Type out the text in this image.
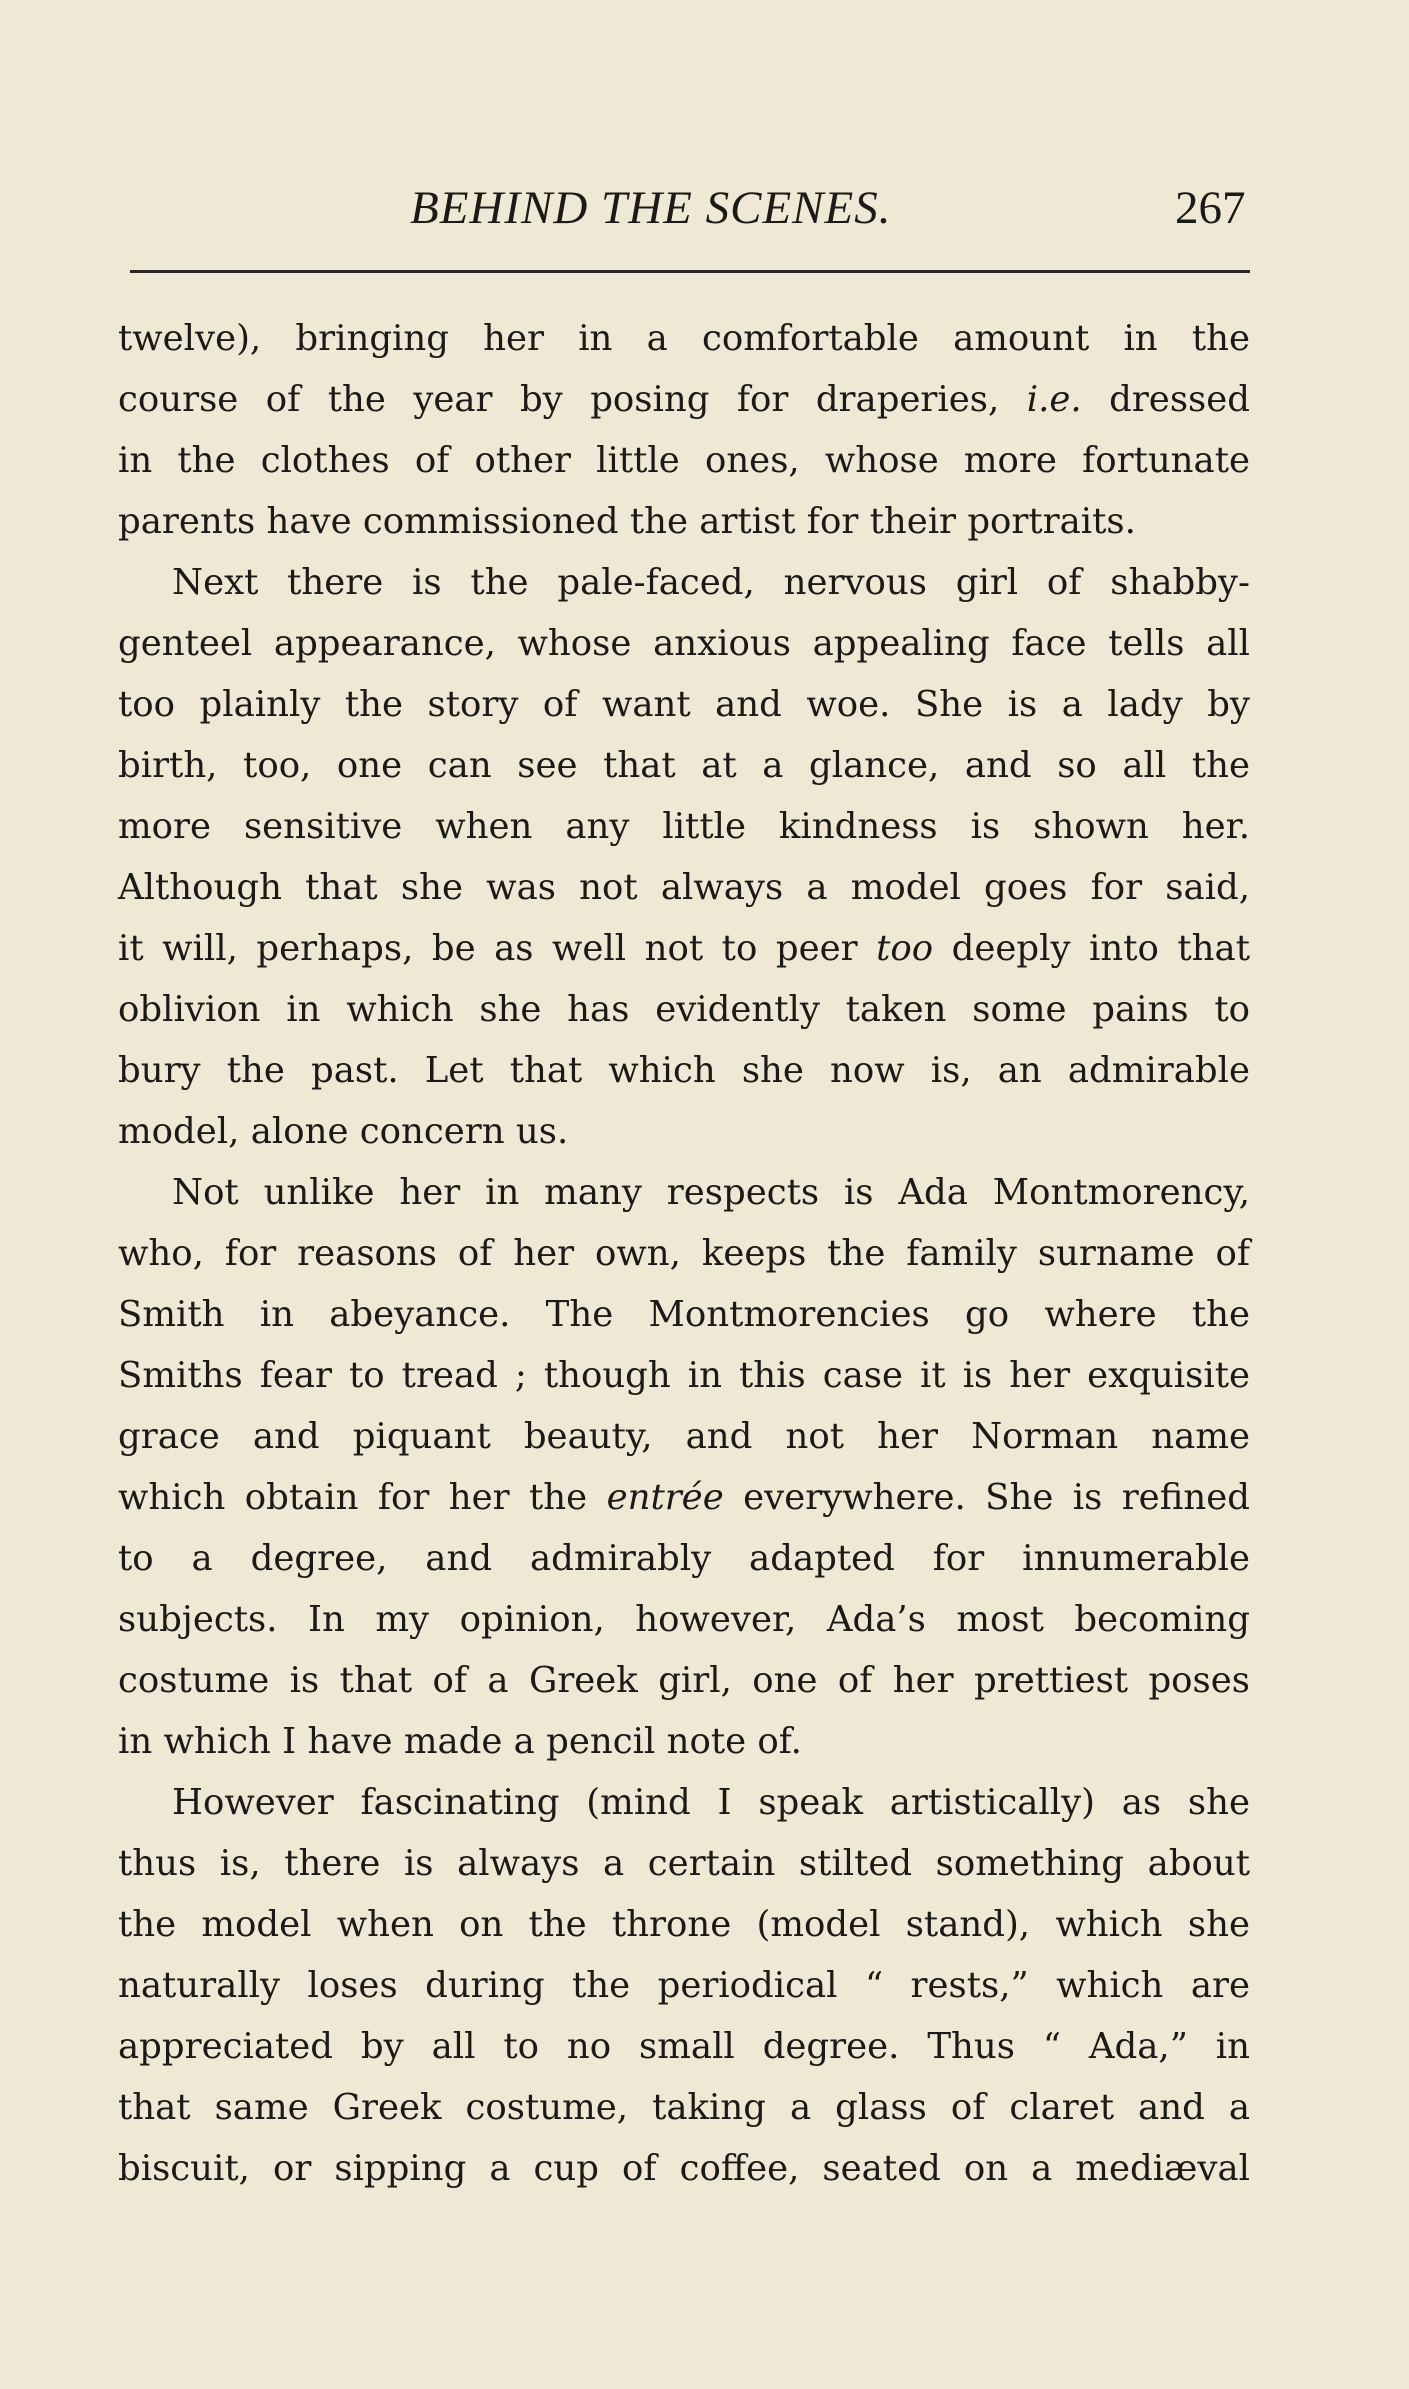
BEHIND THE SCENES.	267
twelve), bringing her in a comfortable amount in the
course of the year by posing for draperies, i.e. dressed
in the clothes of other little ones, whose more fortunate
parents have commissioned the artist for their portraits.
Next there is the pale-faced, nervous girl of shabby-
genteel appearance, whose anxious appealing face tells all
too plainly the story of want and woe. She is a lady by
birth, too, one can see that at a glance, and so all the
more sensitive when any little kindness is shown her.
Although that she was not always a model goes for said,
it will, perhaps, be as well not to peer too deeply into that
oblivion in which she has evidently taken some pains to
bury the past. Let that which she now is, an admirable
model, alone concern us.
Not unlike her in many respects is Ada Montmorency,
who, for reasons of her own, keeps the family surname of
Smith in abeyance. The Montmorencies go where the
Smiths fear to tread ; though in this case it is her exquisite
grace and piquant beauty, and not her Norman name
which obtain for her the entrée everywhere. She is refined
to a degree, and admirably adapted for innumerable
subjects. In my opinion, however, Ada’s most becoming
costume is that of a Greek girl, one of her prettiest poses
in which I have made a pencil note of.
However fascinating (mind I speak artistically) as she
thus is, there is always a certain stilted something about
the model when on the throne (model stand), which she
naturally loses during the periodical “ rests,” which are
appreciated by all to no small degree. Thus “ Ada,” in
that same Greek costume, taking a glass of claret and a
biscuit, or sipping a cup of coffee, seated on a mediæval
